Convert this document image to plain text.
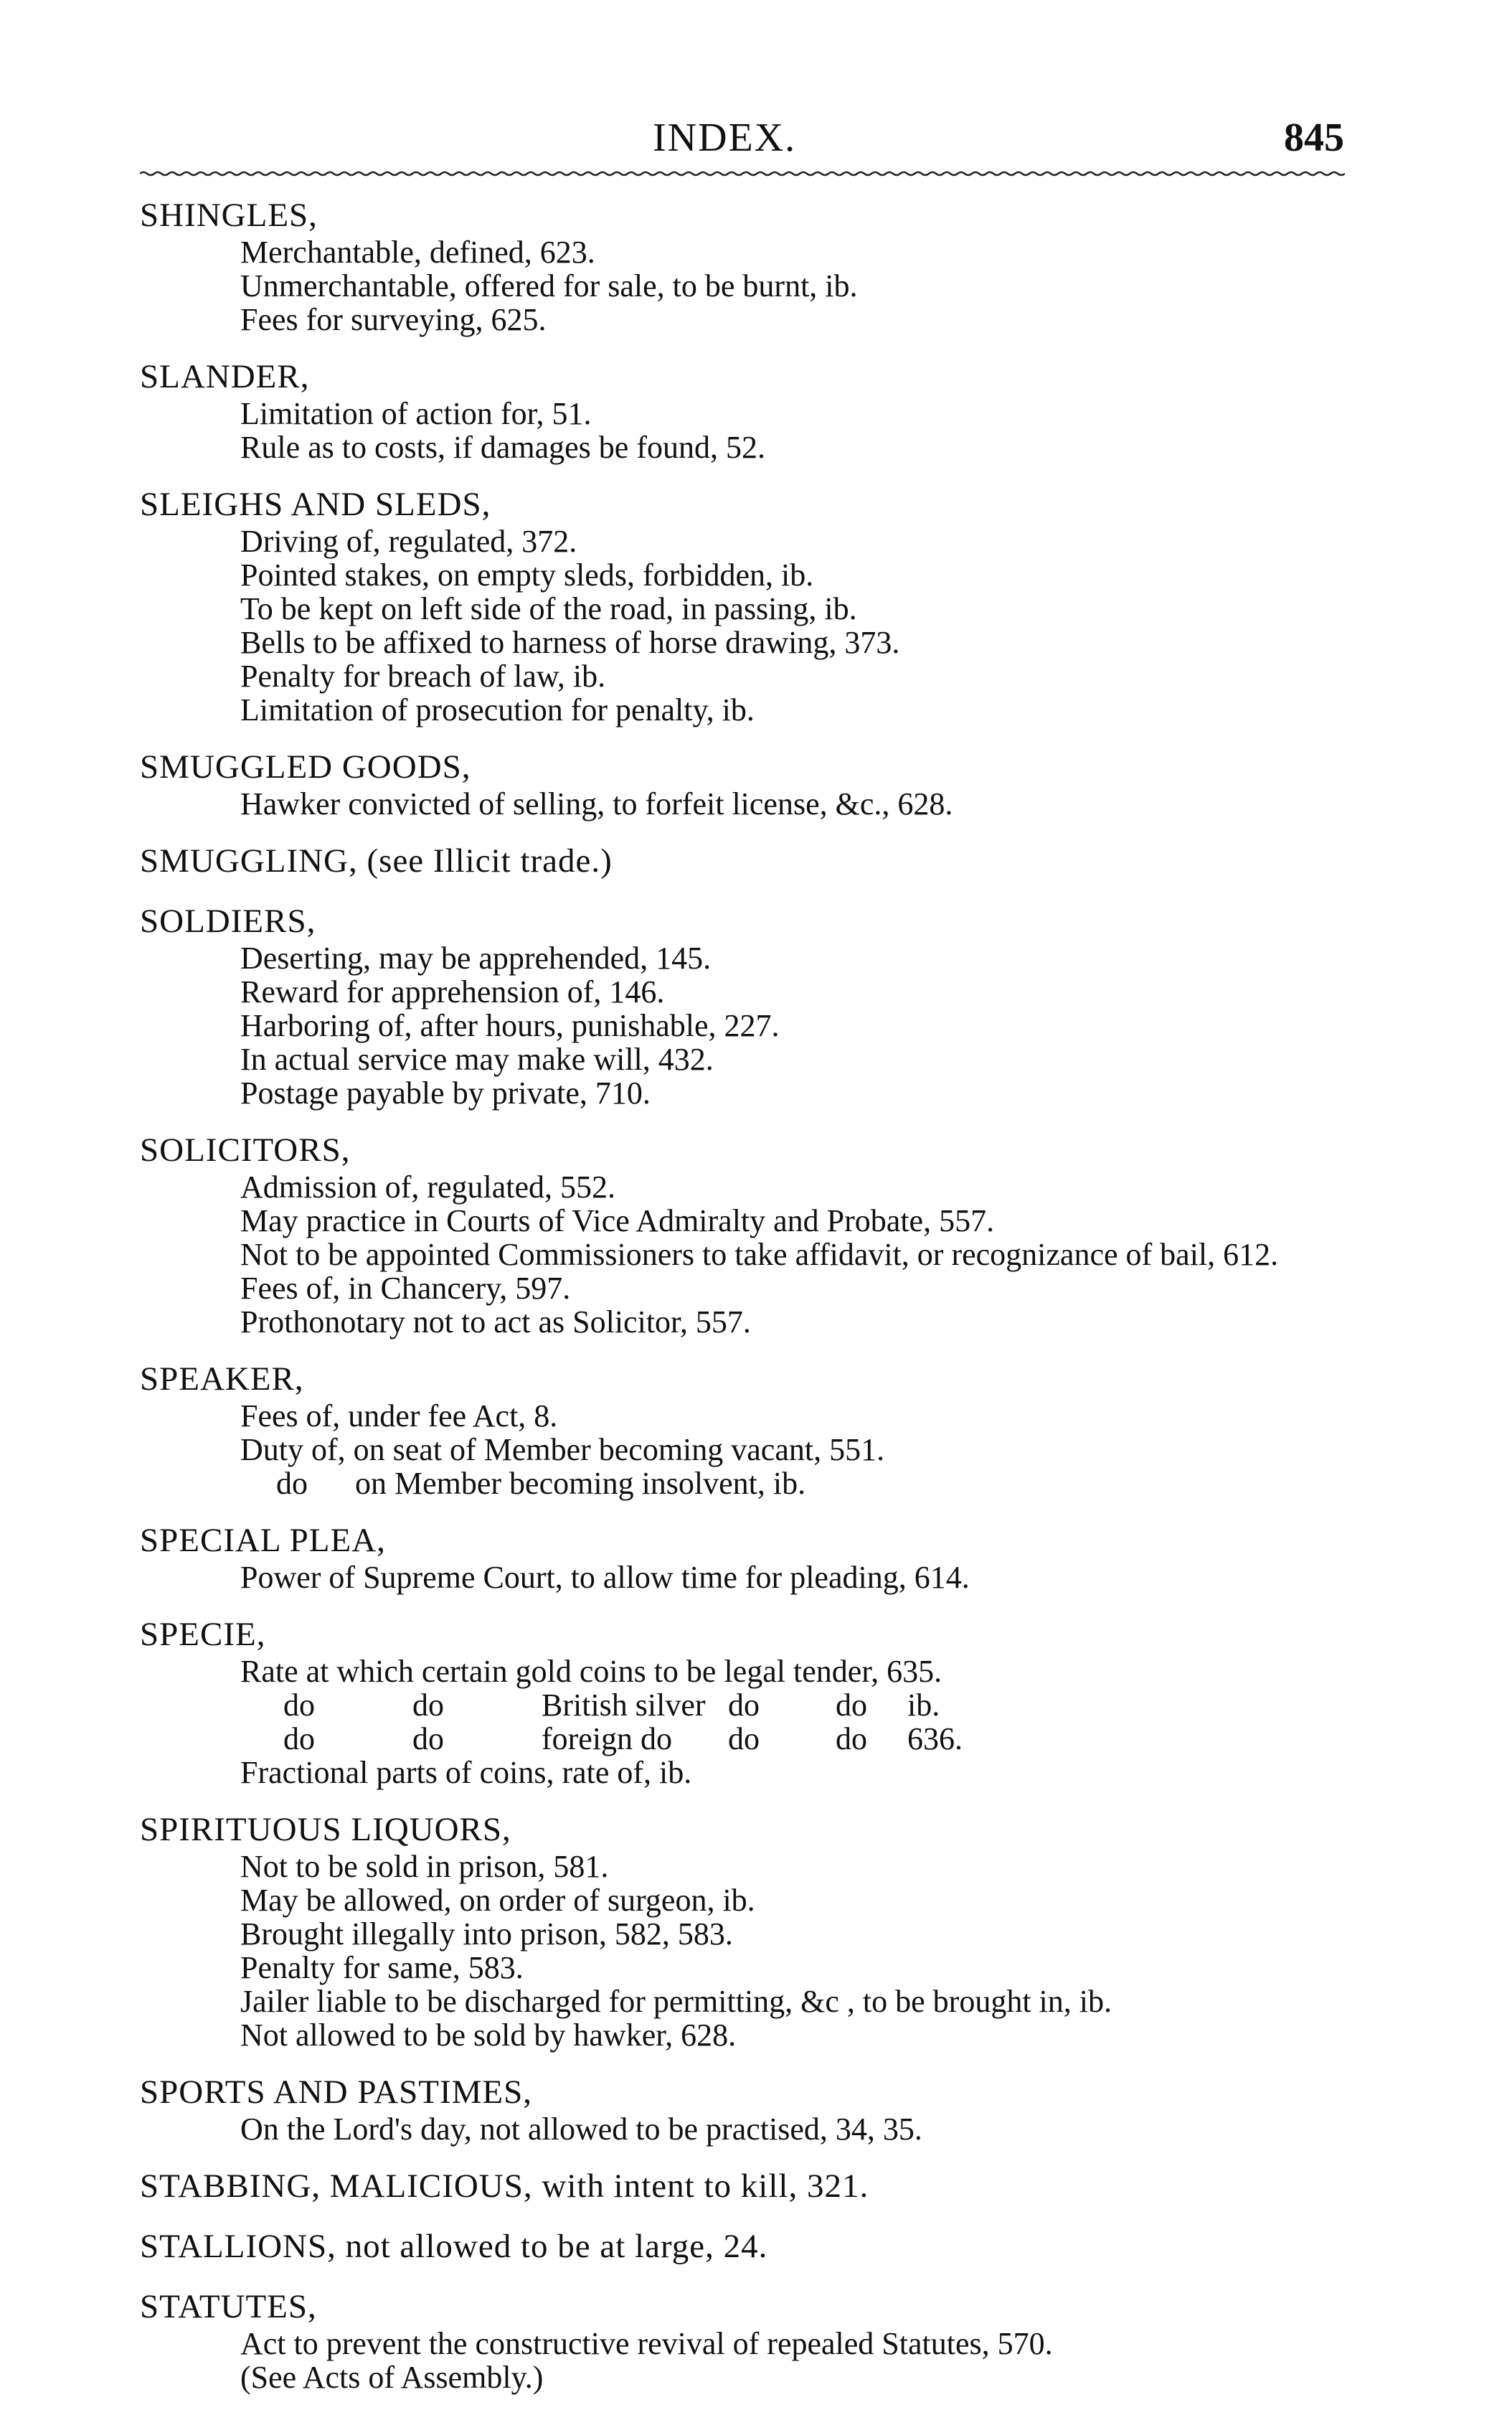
INDEX.	845
SHINGLES,
Merchantable, defined, 623.
Unmerchantable, offered for sale, to be burnt, ib.
Fees for surveying, 625.
SLANDER,
Limitation of action for, 51.
Rule as to costs, if damages be found, 52.
SLEIGHS AND SLEDS,
Driving of, regulated, 372.
Pointed stakes, on empty sleds, forbidden, ib.
To be kept on left side of the road, in passing, ib.
Bells to be affixed to harness of horse drawing, 373.
Penalty for breach of law, ib.
Limitation of prosecution for penalty, ib.
SMUGGLED GOODS,
Hawker convicted of selling, to forfeit license, &c., 628.
SMUGGLING, (see Illicit trade.)
SOLDIERS,
Deserting, may be apprehended, 145.
Reward for apprehension of, 146.
Harboring of, after hours, punishable, 227.
In actual service may make will, 432.
Postage payable by private, 710.
SOLICITORS,
Admission of, regulated, 552.
May practice in Courts of Vice Admiralty and Probate, 557.
Not to be appointed Commissioners to take affidavit, or recognizance of bail, 612.
Fees of, in Chancery, 597.
Prothonotary not to act as Solicitor, 557.
SPEAKER,
Fees of, under fee Act, 8.
Duty of, on seat of Member becoming vacant, 551.
do      on Member becoming insolvent, ib.
SPECIAL PLEA,
Power of Supreme Court, to allow time for pleading, 614.
SPECIE,
Rate at which certain gold coins to be legal tender, 635.
do	do	British silver do	do	ib.
do	do	foreign do	do	do	636.
Fractional parts of coins, rate of, ib.
SPIRITUOUS LIQUORS,
Not to be sold in prison, 581.
May be allowed, on order of surgeon, ib.
Brought illegally into prison, 582, 583.
Penalty for same, 583.
Jailer liable to be discharged for permitting, &c , to be brought in, ib.
Not allowed to be sold by hawker, 628.
SPORTS AND PASTIMES,
On the Lord's day, not allowed to be practised, 34, 35.
STABBING, MALICIOUS, with intent to kill, 321.
STALLIONS, not allowed to be at large, 24.
STATUTES,
Act to prevent the constructive revival of repealed Statutes, 570.
(See Acts of Assembly.)
